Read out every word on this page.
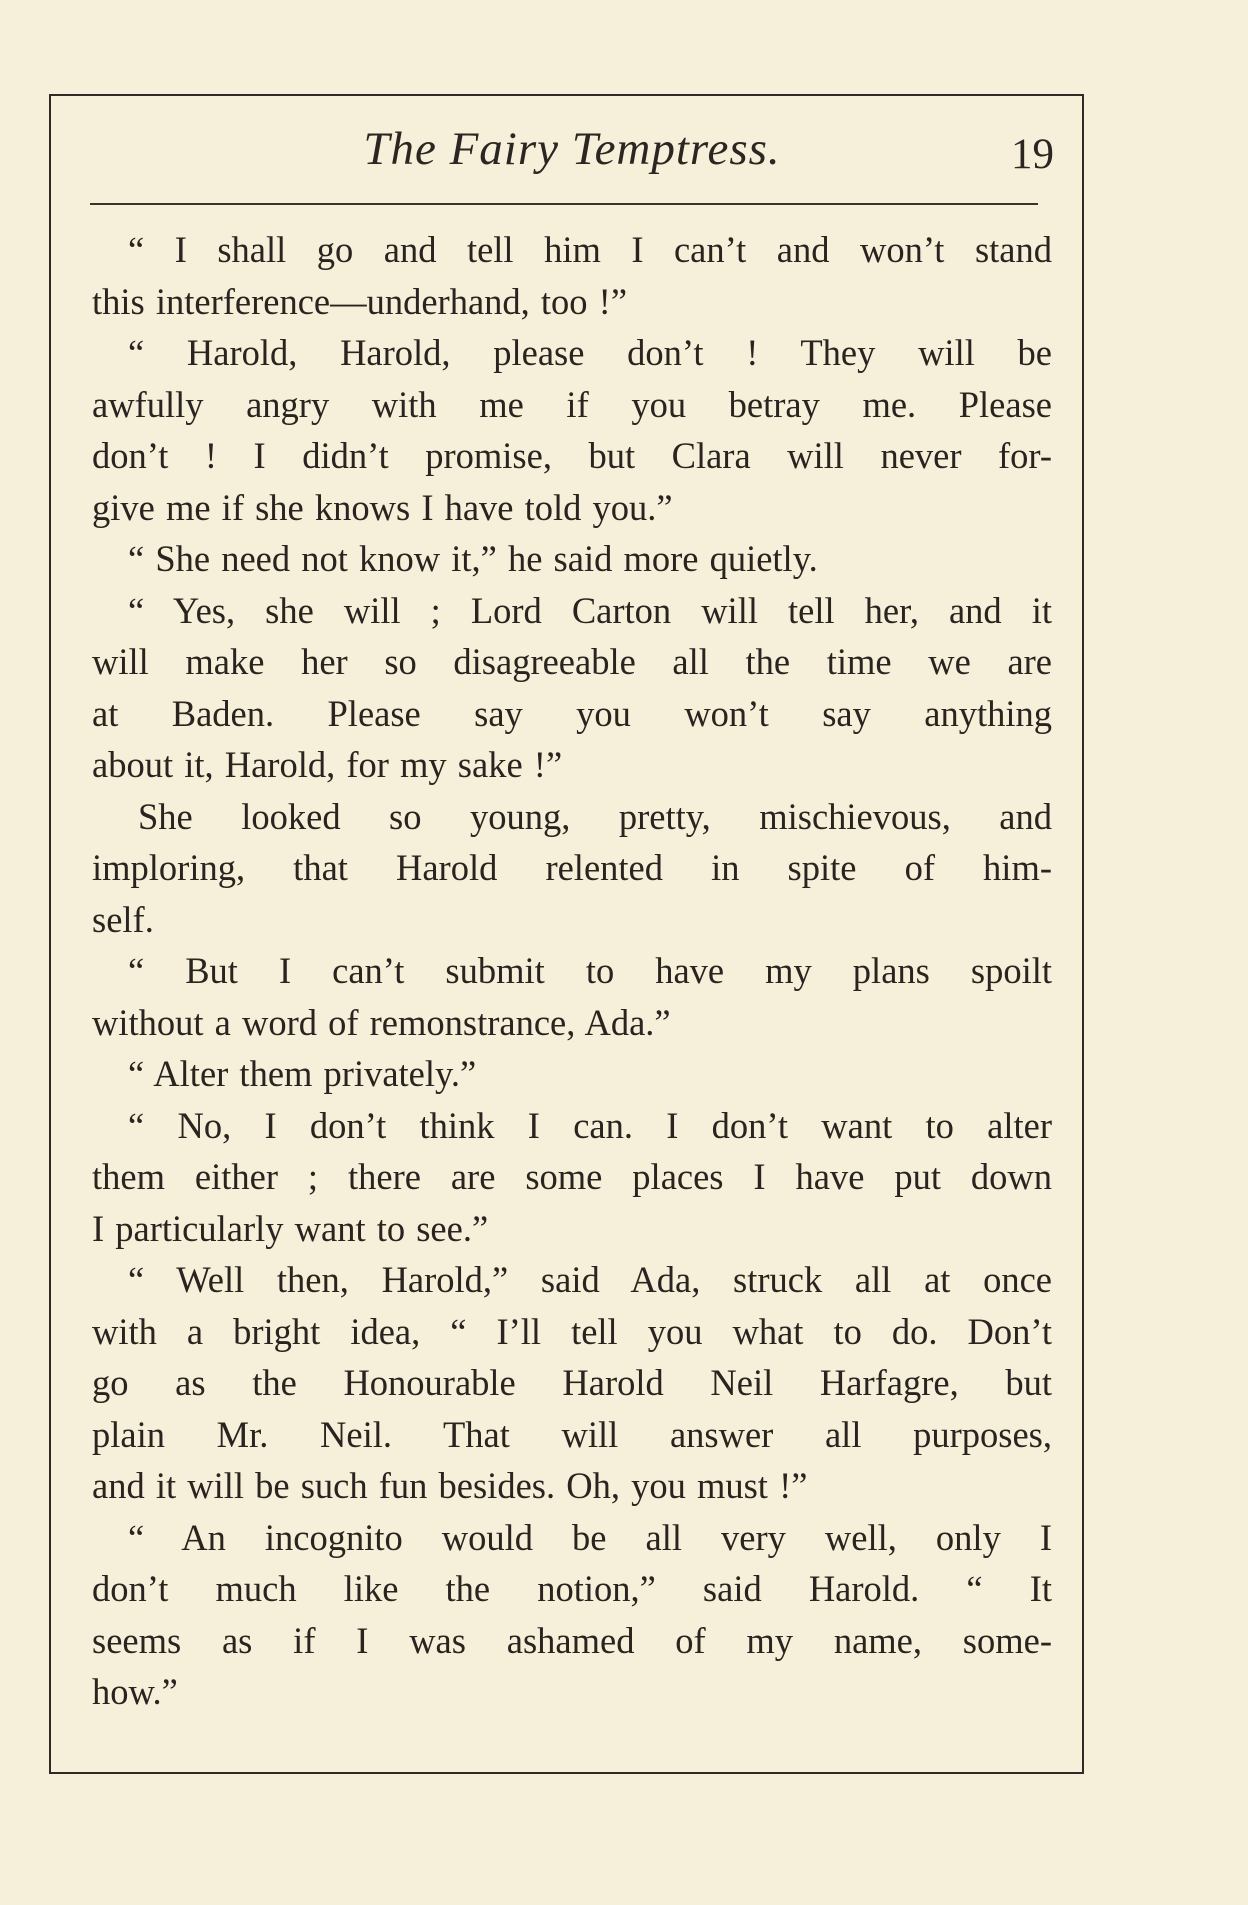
The Fairy Temptress.	19
“ I shall go and tell him I can’t and won’t stand
this interference—underhand, too !”
“ Harold, Harold, please don’t ! They will be
awfully angry with me if you betray me. Please
don’t ! I didn’t promise, but Clara will never for-
give me if she knows I have told you.”
“ She need not know it,” he said more quietly.
“ Yes, she will ; Lord Carton will tell her, and it
will make her so disagreeable all the time we are
at Baden. Please say you won’t say anything
about it, Harold, for my sake !”
She looked so young, pretty, mischievous, and
imploring, that Harold relented in spite of him-
self.
“ But I can’t submit to have my plans spoilt
without a word of remonstrance, Ada.”
“ Alter them privately.”
“ No, I don’t think I can. I don’t want to alter
them either ; there are some places I have put down
I particularly want to see.”
“ Well then, Harold,” said Ada, struck all at once
with a bright idea, “ I’ll tell you what to do. Don’t
go as the Honourable Harold Neil Harfagre, but
plain Mr. Neil. That will answer all purposes,
and it will be such fun besides. Oh, you must !”
“ An incognito would be all very well, only I
don’t much like the notion,” said Harold. “ It
seems as if I was ashamed of my name, some-
how.”
